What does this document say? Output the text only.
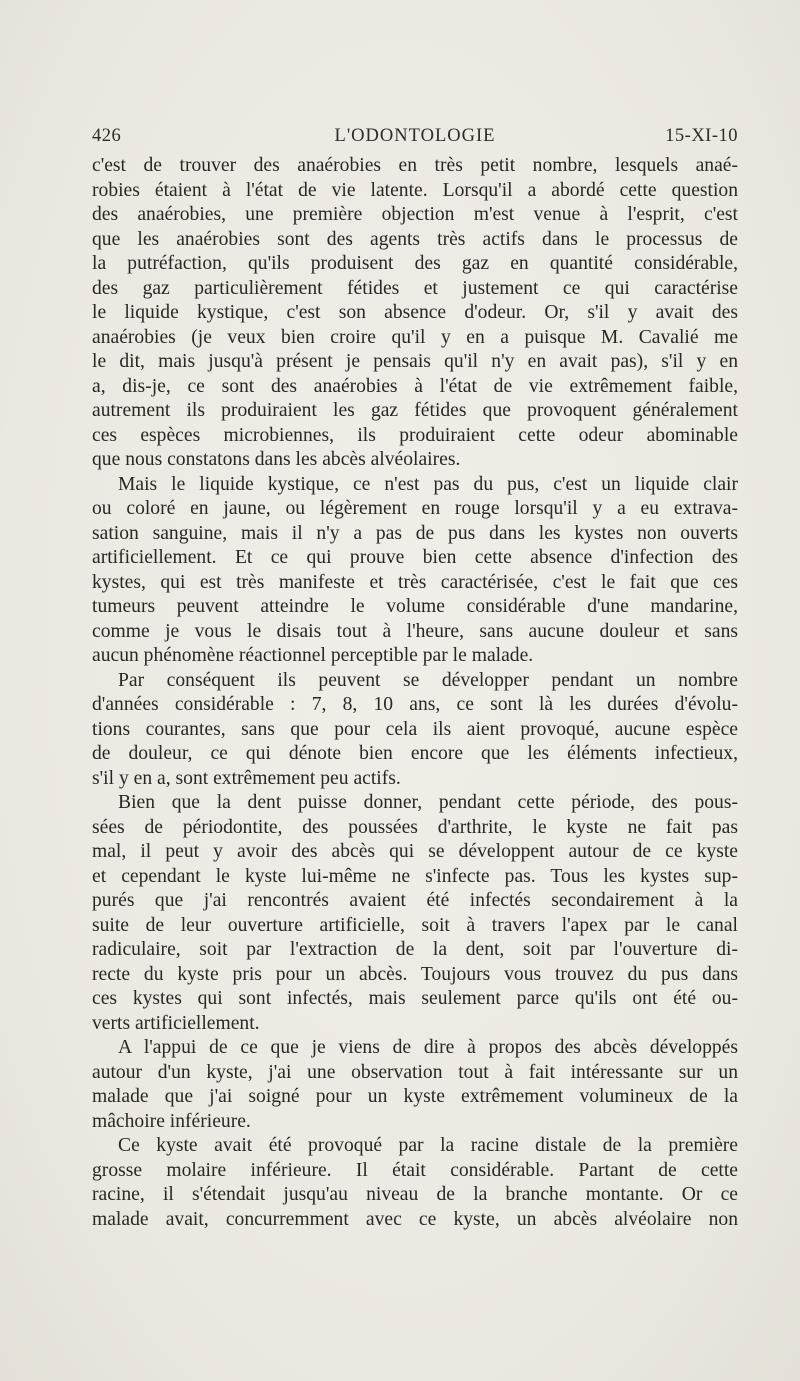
L'ODONTOLOGIE
426	15-XI-10
c'est de trouver des anaérobies en très petit nombre, lesquels anaé-
robies étaient à l'état de vie latente. Lorsqu'il a abordé cette question
des anaérobies, une première objection m'est venue à l'esprit, c'est
que les anaérobies sont des agents très actifs dans le processus de
la putréfaction, qu'ils produisent des gaz en quantité considérable,
des gaz particulièrement fétides et justement ce qui caractérise
le liquide kystique, c'est son absence d'odeur. Or, s'il y avait des
anaérobies (je veux bien croire qu'il y en a puisque M. Cavalié me
le dit, mais jusqu'à présent je pensais qu'il n'y en avait pas), s'il y en
a, dis-je, ce sont des anaérobies à l'état de vie extrêmement faible,
autrement ils produiraient les gaz fétides que provoquent généralement
ces espèces microbiennes, ils produiraient cette odeur abominable
que nous constatons dans les abcès alvéolaires.
Mais le liquide kystique, ce n'est pas du pus, c'est un liquide clair
ou coloré en jaune, ou légèrement en rouge lorsqu'il y a eu extrava-
sation sanguine, mais il n'y a pas de pus dans les kystes non ouverts
artificiellement. Et ce qui prouve bien cette absence d'infection des
kystes, qui est très manifeste et très caractérisée, c'est le fait que ces
tumeurs peuvent atteindre le volume considérable d'une mandarine,
comme je vous le disais tout à l'heure, sans aucune douleur et sans
aucun phénomène réactionnel perceptible par le malade.
Par conséquent ils peuvent se développer pendant un nombre
d'années considérable : 7, 8, 10 ans, ce sont là les durées d'évolu-
tions courantes, sans que pour cela ils aient provoqué, aucune espèce
de douleur, ce qui dénote bien encore que les éléments infectieux,
s'il y en a, sont extrêmement peu actifs.
Bien que la dent puisse donner, pendant cette période, des pous-
sées de périodontite, des poussées d'arthrite, le kyste ne fait pas
mal, il peut y avoir des abcès qui se développent autour de ce kyste
et cependant le kyste lui-même ne s'infecte pas. Tous les kystes sup-
purés que j'ai rencontrés avaient été infectés secondairement à la
suite de leur ouverture artificielle, soit à travers l'apex par le canal
radiculaire, soit par l'extraction de la dent, soit par l'ouverture di-
recte du kyste pris pour un abcès. Toujours vous trouvez du pus dans
ces kystes qui sont infectés, mais seulement parce qu'ils ont été ou-
verts artificiellement.
A l'appui de ce que je viens de dire à propos des abcès développés
autour d'un kyste, j'ai une observation tout à fait intéressante sur un
malade que j'ai soigné pour un kyste extrêmement volumineux de la
mâchoire inférieure.
Ce kyste avait été provoqué par la racine distale de la première
grosse molaire inférieure. Il était considérable. Partant de cette
racine, il s'étendait jusqu'au niveau de la branche montante. Or ce
malade avait, concurremment avec ce kyste, un abcès alvéolaire non
